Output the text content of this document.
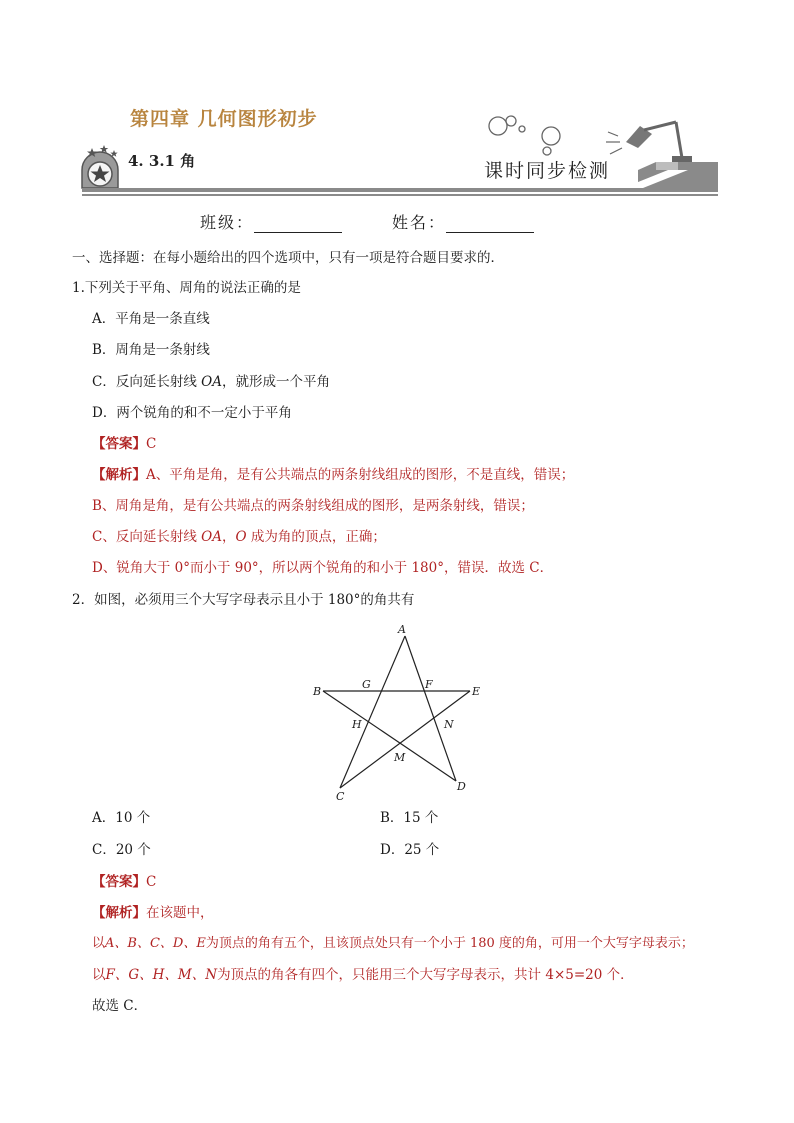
第四章 几何图形初步
4. 3.1 角	课时同步检测
班级：	姓名：
一、选择题：在每小题给出的四个选项中，只有一项是符合题目要求的．
1.下列关于平角、周角的说法正确的是
A．平角是一条直线
B．周角是一条射线
C．反向延长射线 OA，就形成一个平角
D．两个锐角的和不一定小于平角
【答案】C
【解析】A、平角是角，是有公共端点的两条射线组成的图形，不是直线，错误；
B、周角是角，是有公共端点的两条射线组成的图形，是两条射线，错误；
C、反向延长射线 OA，O 成为角的顶点，正确；
D、锐角大于 0°而小于 90°，所以两个锐角的和小于 180°，错误．故选 C．
2．如图，必须用三个大写字母表示且小于 180°的角共有
A
B	E
G	F
H	N
M
C
D
A．10 个	B．15 个
C．20 个	D．25 个
【答案】C
【解析】在该题中，
以A、B、C、D、E为顶点的角有五个，且该顶点处只有一个小于 180 度的角，可用一个大写字母表示；
以F、G、H、M、N为顶点的角各有四个，只能用三个大写字母表示，共计 4×5=20 个．
故选 C．
